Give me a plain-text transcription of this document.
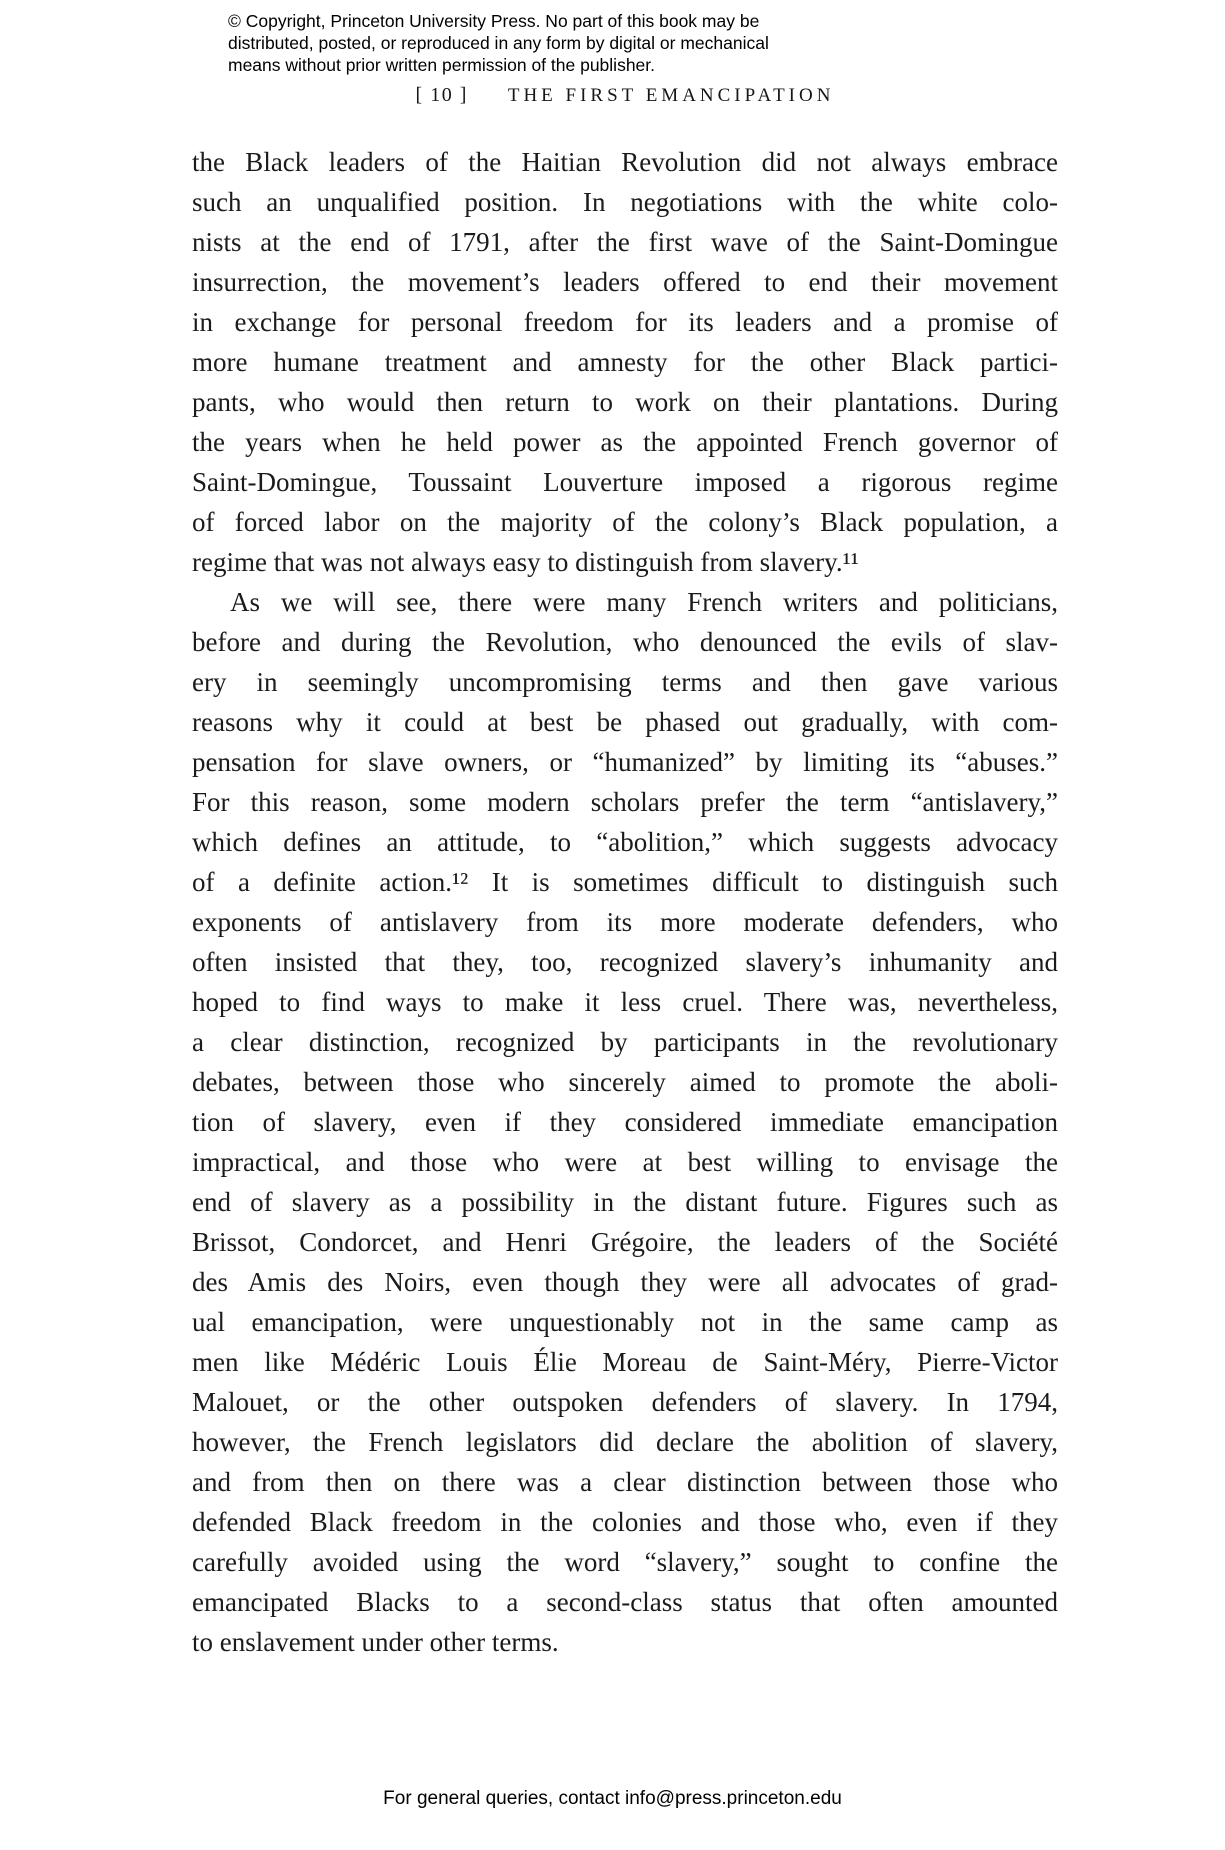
© Copyright, Princeton University Press. No part of this book may be
distributed, posted, or reproduced in any form by digital or mechanical
means without prior written permission of the publisher.
[ 10 ] THE FIRST EMANCIPATION
the Black leaders of the Haitian Revolution did not always embrace
such an unqualified position. In negotiations with the white colo-
nists at the end of 1791, after the first wave of the Saint-Domingue
insurrection, the movement’s leaders offered to end their movement
in exchange for personal freedom for its leaders and a promise of
more humane treatment and amnesty for the other Black partici-
pants, who would then return to work on their plantations. During
the years when he held power as the appointed French governor of
Saint-Domingue, Toussaint Louverture imposed a rigorous regime
of forced labor on the majority of the colony’s Black population, a
regime that was not always easy to distinguish from slavery.¹¹
As we will see, there were many French writers and politicians,
before and during the Revolution, who denounced the evils of slav-
ery in seemingly uncompromising terms and then gave various
reasons why it could at best be phased out gradually, with com-
pensation for slave owners, or “humanized” by limiting its “abuses.”
For this reason, some modern scholars prefer the term “antislavery,”
which defines an attitude, to “abolition,” which suggests advocacy
of a definite action.¹² It is sometimes difficult to distinguish such
exponents of antislavery from its more moderate defenders, who
often insisted that they, too, recognized slavery’s inhumanity and
hoped to find ways to make it less cruel. There was, nevertheless,
a clear distinction, recognized by participants in the revolutionary
debates, between those who sincerely aimed to promote the aboli-
tion of slavery, even if they considered immediate emancipation
impractical, and those who were at best willing to envisage the
end of slavery as a possibility in the distant future. Figures such as
Brissot, Condorcet, and Henri Grégoire, the leaders of the Société
des Amis des Noirs, even though they were all advocates of grad-
ual emancipation, were unquestionably not in the same camp as
men like Médéric Louis Élie Moreau de Saint-Méry, Pierre-Victor
Malouet, or the other outspoken defenders of slavery. In 1794,
however, the French legislators did declare the abolition of slavery,
and from then on there was a clear distinction between those who
defended Black freedom in the colonies and those who, even if they
carefully avoided using the word “slavery,” sought to confine the
emancipated Blacks to a second-class status that often amounted
to enslavement under other terms.
For general queries, contact info@press.princeton.edu
